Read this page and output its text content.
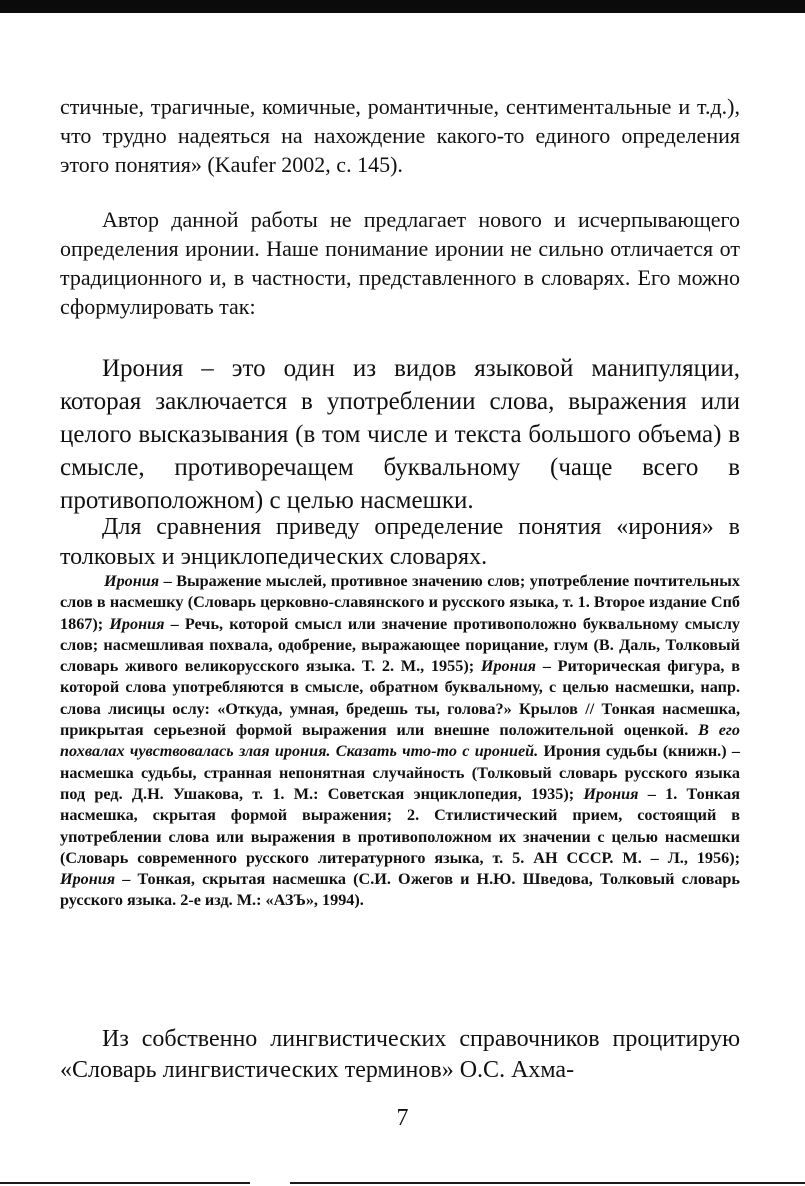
стичные, трагичные, комичные, романтичные, сентиментальные и т.д.), что трудно надеяться на нахождение какого-то единого определения этого понятия» (Kaufer 2002, с. 145).

Автор данной работы не предлагает нового и исчерпывающего определения иронии. Наше понимание иронии не сильно отличается от традиционного и, в частности, представленного в словарях. Его можно сформулировать так:

Ирония – это один из видов языковой манипуляции, которая заключается в употреблении слова, выражения или целого высказывания (в том числе и текста большого объема) в смысле, противоречащем буквальному (чаще всего в противоположном) с целью насмешки.

Для сравнения приведу определение понятия «ирония» в толковых и энциклопедических словарях.

Ирония – Выражение мыслей, противное значению слов; употребление почтительных слов в насмешку (Словарь церковно-славянского и русского языка, т. 1. Второе издание Спб 1867); Ирония – Речь, которой смысл или значение противоположно буквальному смыслу слов; насмешливая похвала, одобрение, выражающее порицание, глум (В. Даль, Толковый словарь живого великорусского языка. Т. 2. М., 1955); Ирония – Риторическая фигура, в которой слова употребляются в смысле, обратном буквальному, с целью насмешки, напр. слова лисицы ослу: «Откуда, умная, бредешь ты, голова?» Крылов // Тонкая насмешка, прикрытая серьезной формой выражения или внешне положительной оценкой. В его похвалах чувствовалась злая ирония. Сказать что-то с иронией. Ирония судьбы (книжн.) – насмешка судьбы, странная непонятная случайность (Толковый словарь русского языка под ред. Д.Н. Ушакова, т. 1. М.: Советская энциклопедия, 1935); Ирония – 1. Тонкая насмешка, скрытая формой выражения; 2. Стилистический прием, состоящий в употреблении слова или выражения в противоположном их значении с целью насмешки (Словарь современного русского литературного языка, т. 5. АН СССР. М. – Л., 1956); Ирония – Тонкая, скрытая насмешка (С.И. Ожегов и Н.Ю. Шведова, Толковый словарь русского языка. 2-е изд. М.: «АЗЪ», 1994).

Из собственно лингвистических справочников процитирую «Словарь лингвистических терминов» О.С. Ахма-

7
